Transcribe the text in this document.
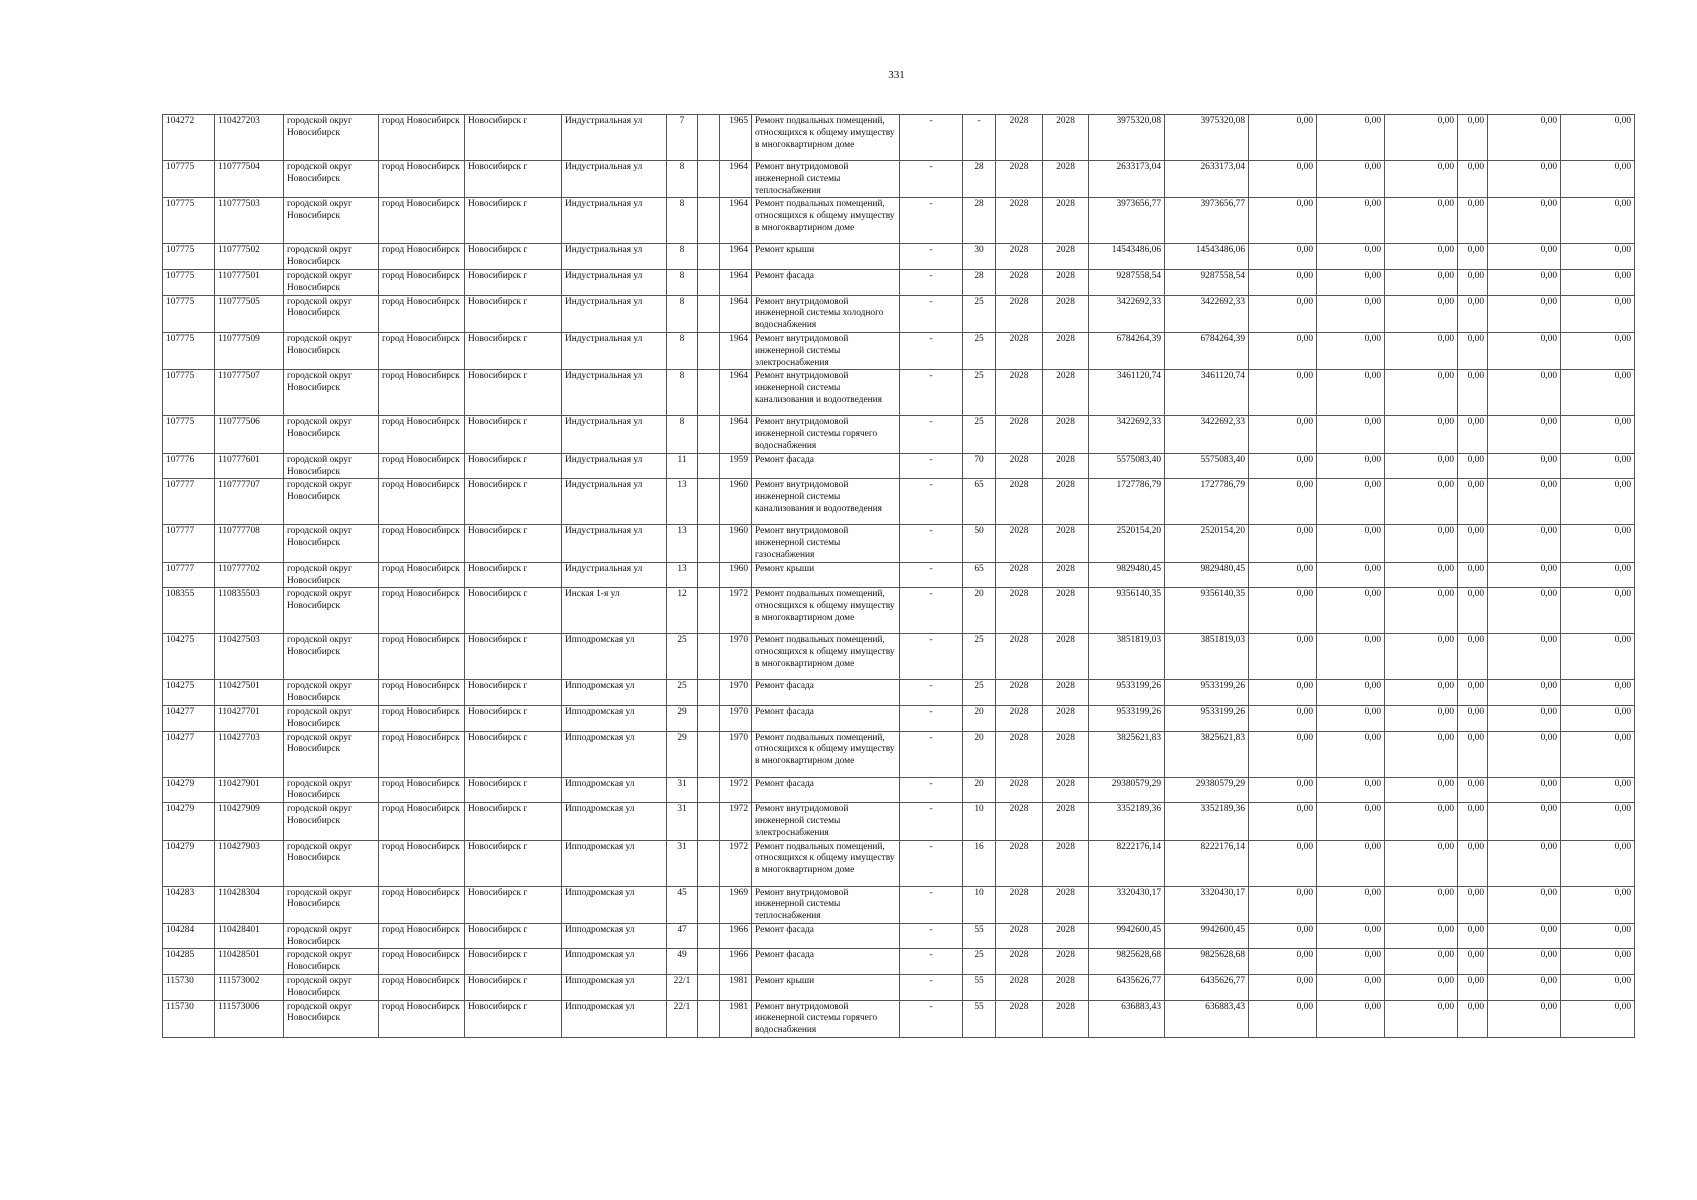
331
104272	110427203	городской округ Новосибирск	город Новосибирск	Новосибирск г	Индустриальная ул	7		1965	Ремонт подвальных помещений, относящихся к общему имуществу в многоквартирном доме	-	-	2028	2028	3975320,08	3975320,08	0,00	0,00	0,00	0,00	0,00	0,00
107775	110777504	городской округ Новосибирск	город Новосибирск	Новосибирск г	Индустриальная ул	8		1964	Ремонт внутридомовой инженерной системы теплоснабжения	-	28	2028	2028	2633173,04	2633173,04	0,00	0,00	0,00	0,00	0,00	0,00
107775	110777503	городской округ Новосибирск	город Новосибирск	Новосибирск г	Индустриальная ул	8		1964	Ремонт подвальных помещений, относящихся к общему имуществу в многоквартирном доме	-	28	2028	2028	3973656,77	3973656,77	0,00	0,00	0,00	0,00	0,00	0,00
107775	110777502	городской округ Новосибирск	город Новосибирск	Новосибирск г	Индустриальная ул	8		1964	Ремонт крыши	-	30	2028	2028	14543486,06	14543486,06	0,00	0,00	0,00	0,00	0,00	0,00
107775	110777501	городской округ Новосибирск	город Новосибирск	Новосибирск г	Индустриальная ул	8		1964	Ремонт фасада	-	28	2028	2028	9287558,54	9287558,54	0,00	0,00	0,00	0,00	0,00	0,00
107775	110777505	городской округ Новосибирск	город Новосибирск	Новосибирск г	Индустриальная ул	8		1964	Ремонт внутридомовой инженерной системы холодного водоснабжения	-	25	2028	2028	3422692,33	3422692,33	0,00	0,00	0,00	0,00	0,00	0,00
107775	110777509	городской округ Новосибирск	город Новосибирск	Новосибирск г	Индустриальная ул	8		1964	Ремонт внутридомовой инженерной системы электроснабжения	-	25	2028	2028	6784264,39	6784264,39	0,00	0,00	0,00	0,00	0,00	0,00
107775	110777507	городской округ Новосибирск	город Новосибирск	Новосибирск г	Индустриальная ул	8		1964	Ремонт внутридомовой инженерной системы канализования и водоотведения	-	25	2028	2028	3461120,74	3461120,74	0,00	0,00	0,00	0,00	0,00	0,00
107775	110777506	городской округ Новосибирск	город Новосибирск	Новосибирск г	Индустриальная ул	8		1964	Ремонт внутридомовой инженерной системы горячего водоснабжения	-	25	2028	2028	3422692,33	3422692,33	0,00	0,00	0,00	0,00	0,00	0,00
107776	110777601	городской округ Новосибирск	город Новосибирск	Новосибирск г	Индустриальная ул	11		1959	Ремонт фасада	-	70	2028	2028	5575083,40	5575083,40	0,00	0,00	0,00	0,00	0,00	0,00
107777	110777707	городской округ Новосибирск	город Новосибирск	Новосибирск г	Индустриальная ул	13		1960	Ремонт внутридомовой инженерной системы канализования и водоотведения	-	65	2028	2028	1727786,79	1727786,79	0,00	0,00	0,00	0,00	0,00	0,00
107777	110777708	городской округ Новосибирск	город Новосибирск	Новосибирск г	Индустриальная ул	13		1960	Ремонт внутридомовой инженерной системы газоснабжения	-	50	2028	2028	2520154,20	2520154,20	0,00	0,00	0,00	0,00	0,00	0,00
107777	110777702	городской округ Новосибирск	город Новосибирск	Новосибирск г	Индустриальная ул	13		1960	Ремонт крыши	-	65	2028	2028	9829480,45	9829480,45	0,00	0,00	0,00	0,00	0,00	0,00
108355	110835503	городской округ Новосибирск	город Новосибирск	Новосибирск г	Инская 1-я ул	12		1972	Ремонт подвальных помещений, относящихся к общему имуществу в многоквартирном доме	-	20	2028	2028	9356140,35	9356140,35	0,00	0,00	0,00	0,00	0,00	0,00
104275	110427503	городской округ Новосибирск	город Новосибирск	Новосибирск г	Ипподромская ул	25		1970	Ремонт подвальных помещений, относящихся к общему имуществу в многоквартирном доме	-	25	2028	2028	3851819,03	3851819,03	0,00	0,00	0,00	0,00	0,00	0,00
104275	110427501	городской округ Новосибирск	город Новосибирск	Новосибирск г	Ипподромская ул	25		1970	Ремонт фасада	-	25	2028	2028	9533199,26	9533199,26	0,00	0,00	0,00	0,00	0,00	0,00
104277	110427701	городской округ Новосибирск	город Новосибирск	Новосибирск г	Ипподромская ул	29		1970	Ремонт фасада	-	20	2028	2028	9533199,26	9533199,26	0,00	0,00	0,00	0,00	0,00	0,00
104277	110427703	городской округ Новосибирск	город Новосибирск	Новосибирск г	Ипподромская ул	29		1970	Ремонт подвальных помещений, относящихся к общему имуществу в многоквартирном доме	-	20	2028	2028	3825621,83	3825621,83	0,00	0,00	0,00	0,00	0,00	0,00
104279	110427901	городской округ Новосибирск	город Новосибирск	Новосибирск г	Ипподромская ул	31		1972	Ремонт фасада	-	20	2028	2028	29380579,29	29380579,29	0,00	0,00	0,00	0,00	0,00	0,00
104279	110427909	городской округ Новосибирск	город Новосибирск	Новосибирск г	Ипподромская ул	31		1972	Ремонт внутридомовой инженерной системы электроснабжения	-	10	2028	2028	3352189,36	3352189,36	0,00	0,00	0,00	0,00	0,00	0,00
104279	110427903	городской округ Новосибирск	город Новосибирск	Новосибирск г	Ипподромская ул	31		1972	Ремонт подвальных помещений, относящихся к общему имуществу в многоквартирном доме	-	16	2028	2028	8222176,14	8222176,14	0,00	0,00	0,00	0,00	0,00	0,00
104283	110428304	городской округ Новосибирск	город Новосибирск	Новосибирск г	Ипподромская ул	45		1969	Ремонт внутридомовой инженерной системы теплоснабжения	-	10	2028	2028	3320430,17	3320430,17	0,00	0,00	0,00	0,00	0,00	0,00
104284	110428401	городской округ Новосибирск	город Новосибирск	Новосибирск г	Ипподромская ул	47		1966	Ремонт фасада	-	55	2028	2028	9942600,45	9942600,45	0,00	0,00	0,00	0,00	0,00	0,00
104285	110428501	городской округ Новосибирск	город Новосибирск	Новосибирск г	Ипподромская ул	49		1966	Ремонт фасада	-	25	2028	2028	9825628,68	9825628,68	0,00	0,00	0,00	0,00	0,00	0,00
115730	111573002	городской округ Новосибирск	город Новосибирск	Новосибирск г	Ипподромская ул	22/1		1981	Ремонт крыши	-	55	2028	2028	6435626,77	6435626,77	0,00	0,00	0,00	0,00	0,00	0,00
115730	111573006	городской округ Новосибирск	город Новосибирск	Новосибирск г	Ипподромская ул	22/1		1981	Ремонт внутридомовой инженерной системы горячего водоснабжения	-	55	2028	2028	636883,43	636883,43	0,00	0,00	0,00	0,00	0,00	0,00
